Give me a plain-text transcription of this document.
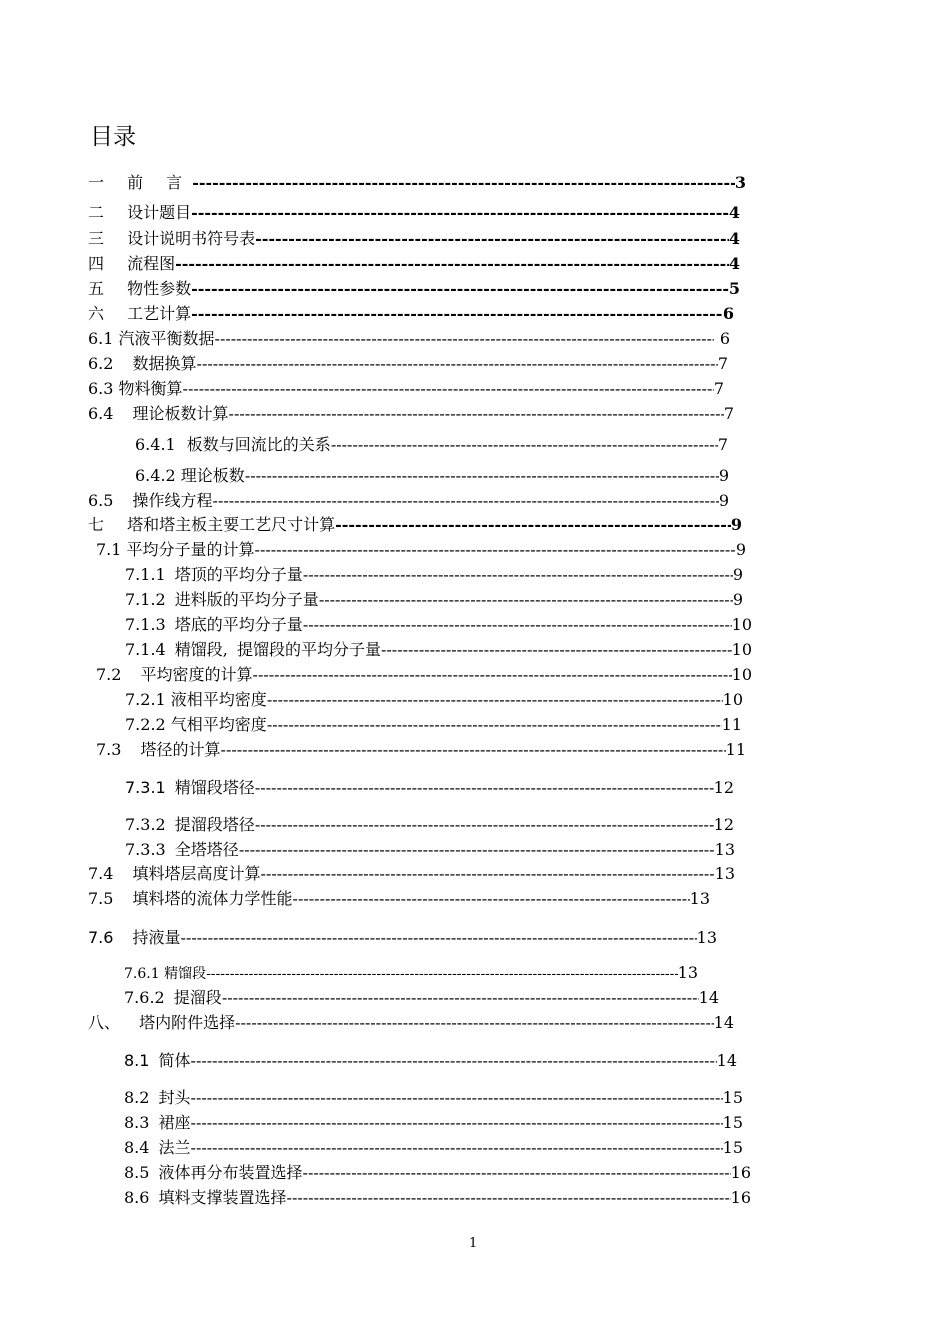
目录
一 前 言 -----	3
二 设计题目 -----	4
三 设计说明书符号表 -----	4
四 流程图 -----	4
五 物性参数 -----	5
六 工艺计算 -----	6
6.1 汽液平衡数据 -----	6
6.2 数据换算 -----	7
6.3 物料衡算 -----	7
6.4 理论板数计算 -----	7
6.4.1 板数与回流比的关系 -----	7
6.4.2 理论板数 -----	9
6.5 操作线方程 -----	9
七 塔和塔主板主要工艺尺寸计算 -----	9
7.1 平均分子量的计算 -----	9
7.1.1 塔顶的平均分子量 -----	9
7.1.2 进料版的平均分子量 -----	9
7.1.3 塔底的平均分子量 -----	10
7.1.4 精馏段, 提馏段的平均分子量 -----	10
7.2 平均密度的计算 -----	10
7.2.1 液相平均密度 -----	10
7.2.2 气相平均密度 -----	11
7.3 塔径的计算 -----	11
7.3.1 精馏段塔径 -----	12
7.3.2 提溜段塔径 -----	12
7.3.3 全塔塔径 -----	13
7.4 填料塔层高度计算 -----	13
7.5 填料塔的流体力学性能 -----	13
7.6 持液量 -----	13
7.6.1 精馏段 -----	13
7.6.2 提溜段 -----	14
八、 塔内附件选择 -----	14
8.1 简体 -----	14
8.2 封头 -----	15
8.3 裙座 -----	15
8.4 法兰 -----	15
8.5 液体再分布装置选择 -----	16
8.6 填料支撑装置选择 -----	16
1
